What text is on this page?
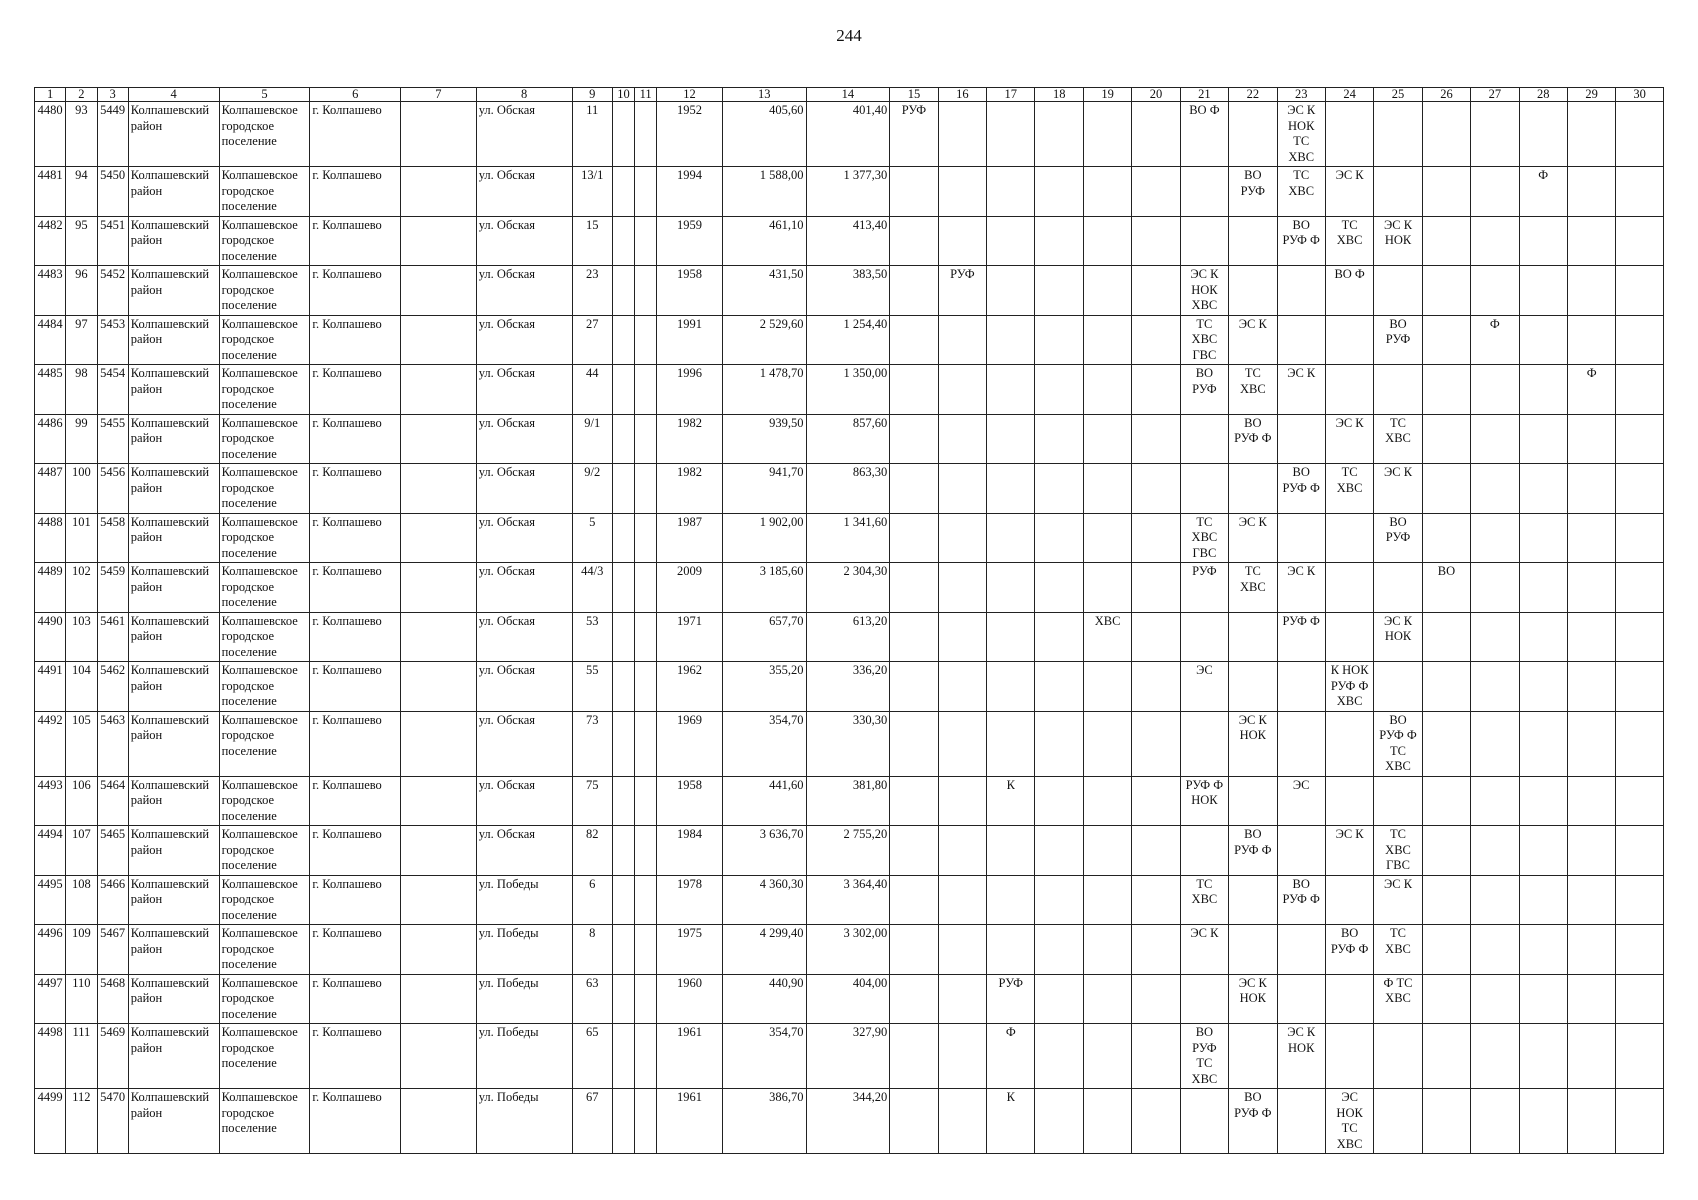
244
1	2	3	4	5	6	7	8	9	10	11	12	13	14	15	16	17	18	19	20	21	22	23	24	25	26	27	28	29	30
4480	93	5449	Колпашевский район	Колпашевское городское поселение	г. Колпашево		ул. Обская	11			1952	405,60	401,40	РУФ						ВО Ф		ЭС К НОК ТС ХВС							
4481	94	5450	Колпашевский район	Колпашевское городское поселение	г. Колпашево		ул. Обская	13/1			1994	1 588,00	1 377,30								ВО РУФ	ТС ХВС	ЭС К				Ф		
4482	95	5451	Колпашевский район	Колпашевское городское поселение	г. Колпашево		ул. Обская	15			1959	461,10	413,40									ВО РУФ Ф	ТС ХВС	ЭС К НОК					
4483	96	5452	Колпашевский район	Колпашевское городское поселение	г. Колпашево		ул. Обская	23			1958	431,50	383,50		РУФ					ЭС К НОК ХВС			ВО Ф						
4484	97	5453	Колпашевский район	Колпашевское городское поселение	г. Колпашево		ул. Обская	27			1991	2 529,60	1 254,40							ТС ХВС ГВС	ЭС К			ВО РУФ		Ф			
4485	98	5454	Колпашевский район	Колпашевское городское поселение	г. Колпашево		ул. Обская	44			1996	1 478,70	1 350,00							ВО РУФ	ТС ХВС	ЭС К						Ф	
4486	99	5455	Колпашевский район	Колпашевское городское поселение	г. Колпашево		ул. Обская	9/1			1982	939,50	857,60								ВО РУФ Ф		ЭС К	ТС ХВС					
4487	100	5456	Колпашевский район	Колпашевское городское поселение	г. Колпашево		ул. Обская	9/2			1982	941,70	863,30									ВО РУФ Ф	ТС ХВС	ЭС К					
4488	101	5458	Колпашевский район	Колпашевское городское поселение	г. Колпашево		ул. Обская	5			1987	1 902,00	1 341,60							ТС ХВС ГВС	ЭС К			ВО РУФ					
4489	102	5459	Колпашевский район	Колпашевское городское поселение	г. Колпашево		ул. Обская	44/3			2009	3 185,60	2 304,30							РУФ	ТС ХВС	ЭС К			ВО				
4490	103	5461	Колпашевский район	Колпашевское городское поселение	г. Колпашево		ул. Обская	53			1971	657,70	613,20					ХВС				РУФ Ф		ЭС К НОК					
4491	104	5462	Колпашевский район	Колпашевское городское поселение	г. Колпашево		ул. Обская	55			1962	355,20	336,20							ЭС			К НОК РУФ Ф ХВС						
4492	105	5463	Колпашевский район	Колпашевское городское поселение	г. Колпашево		ул. Обская	73			1969	354,70	330,30								ЭС К НОК			ВО РУФ Ф ТС ХВС					
4493	106	5464	Колпашевский район	Колпашевское городское поселение	г. Колпашево		ул. Обская	75			1958	441,60	381,80			К				РУФ Ф НОК		ЭС							
4494	107	5465	Колпашевский район	Колпашевское городское поселение	г. Колпашево		ул. Обская	82			1984	3 636,70	2 755,20								ВО РУФ Ф		ЭС К	ТС ХВС ГВС					
4495	108	5466	Колпашевский район	Колпашевское городское поселение	г. Колпашево		ул. Победы	6			1978	4 360,30	3 364,40							ТС ХВС		ВО РУФ Ф		ЭС К					
4496	109	5467	Колпашевский район	Колпашевское городское поселение	г. Колпашево		ул. Победы	8			1975	4 299,40	3 302,00							ЭС К			ВО РУФ Ф	ТС ХВС					
4497	110	5468	Колпашевский район	Колпашевское городское поселение	г. Колпашево		ул. Победы	63			1960	440,90	404,00			РУФ					ЭС К НОК			Ф ТС ХВС					
4498	111	5469	Колпашевский район	Колпашевское городское поселение	г. Колпашево		ул. Победы	65			1961	354,70	327,90			Ф				ВО РУФ ТС ХВС		ЭС К НОК							
4499	112	5470	Колпашевский район	Колпашевское городское поселение	г. Колпашево		ул. Победы	67			1961	386,70	344,20			К					ВО РУФ Ф		ЭС НОК ТС ХВС						
